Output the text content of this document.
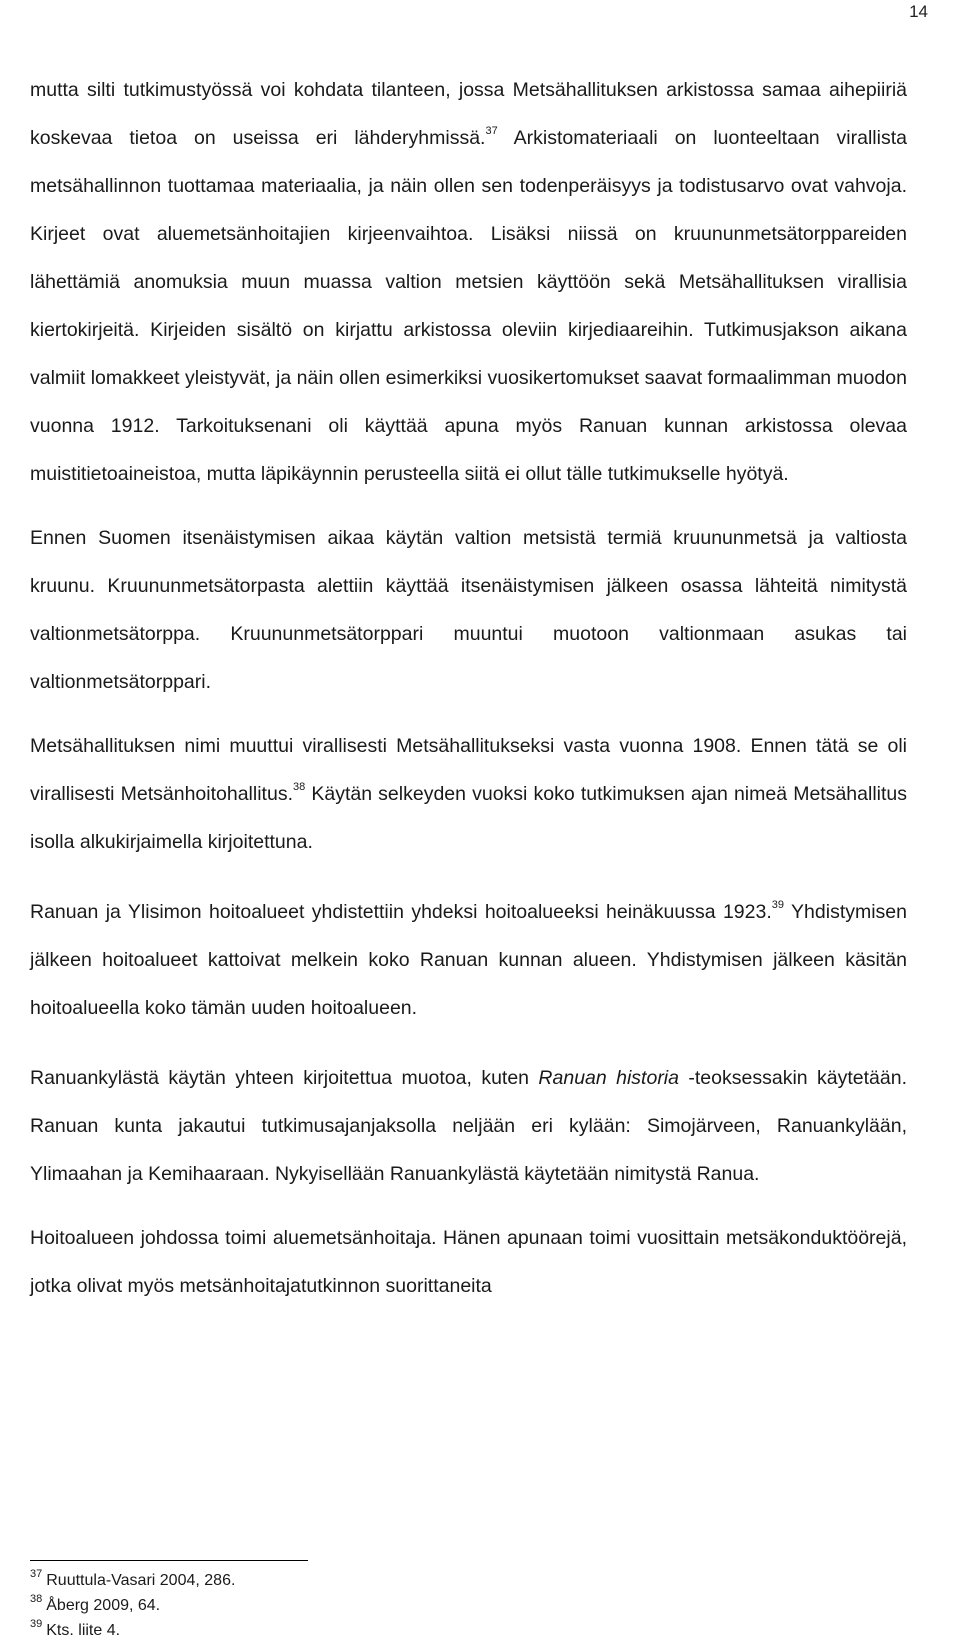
14

mutta silti tutkimustyössä voi kohdata tilanteen, jossa Metsähallituksen arkistossa samaa aihepiiriä koskevaa tietoa on useissa eri lähderyhmissä.$^{37}$ Arkistomateriaali on luonteeltaan virallista metsähallinnon tuottamaa materiaalia, ja näin ollen sen todenperäisyys ja todistusarvo ovat vahvoja. Kirjeet ovat aluemetsänhoitajien kirjeenvaihtoa. Lisäksi niissä on kruununmetsätorppareiden lähettämiä anomuksia muun muassa valtion metsien käyttöön sekä Metsähallituksen virallisia kiertokirjeitä. Kirjeiden sisältö on kirjattu arkistossa oleviin kirjediaareihin. Tutkimusjakson aikana valmiit lomakkeet yleistyvät, ja näin ollen esimerkiksi vuosikertomukset saavat formaalimman muodon vuonna 1912. Tarkoituksenani oli käyttää apuna myös Ranuan kunnan arkistossa olevaa muistitietoaineistoa, mutta läpikäynnin perusteella siitä ei ollut tälle tutkimukselle hyötyä.

Ennen Suomen itsenäistymisen aikaa käytän valtion metsistä termiä kruununmetsä ja valtiosta kruunu. Kruununmetsätorpasta alettiin käyttää itsenäistymisen jälkeen osassa lähteitä nimitystä valtionmetsätorppa. Kruununmetsätorppari muuntui muotoon valtionmaan asukas tai valtionmetsätorppari.

Metsähallituksen nimi muuttui virallisesti Metsähallitukseksi vasta vuonna 1908. Ennen tätä se oli virallisesti Metsänhoitohallitus.$^{38}$ Käytän selkeyden vuoksi koko tutkimuksen ajan nimeä Metsähallitus isolla alkukirjaimella kirjoitettuna.

Ranuan ja Ylisimon hoitoalueet yhdistettiin yhdeksi hoitoalueeksi heinäkuussa 1923.39 Yhdistymisen jälkeen hoitoalueet kattoivat melkein koko Ranuan kunnan alueen. Yhdistymisen jälkeen käsitän hoitoalueella koko tämän uuden hoitoalueen.

Ranuankylästä käytän yhteen kirjoitettua muotoa, kuten Ranuan historia -teoksessakin käytetään. Ranuan kunta jakautui tutkimusajanjaksolla neljään eri kylään: Simojärveen, Ranuankylään, Ylimaahan ja Kemihaaraan. Nykyisellään Ranuankylästä käytetään nimitystä Ranua.

Hoitoalueen johdossa toimi aluemetsänhoitaja. Hänen apunaan toimi vuosittain metsäkonduktöörejä, jotka olivat myös metsänhoitajatutkinnon suorittaneita

$^{37}$ Ruuttula-Vasari 2004, 286.

$^{38}$ Åberg 2009, 64.

$^{39}$ Kts. liite 4.
